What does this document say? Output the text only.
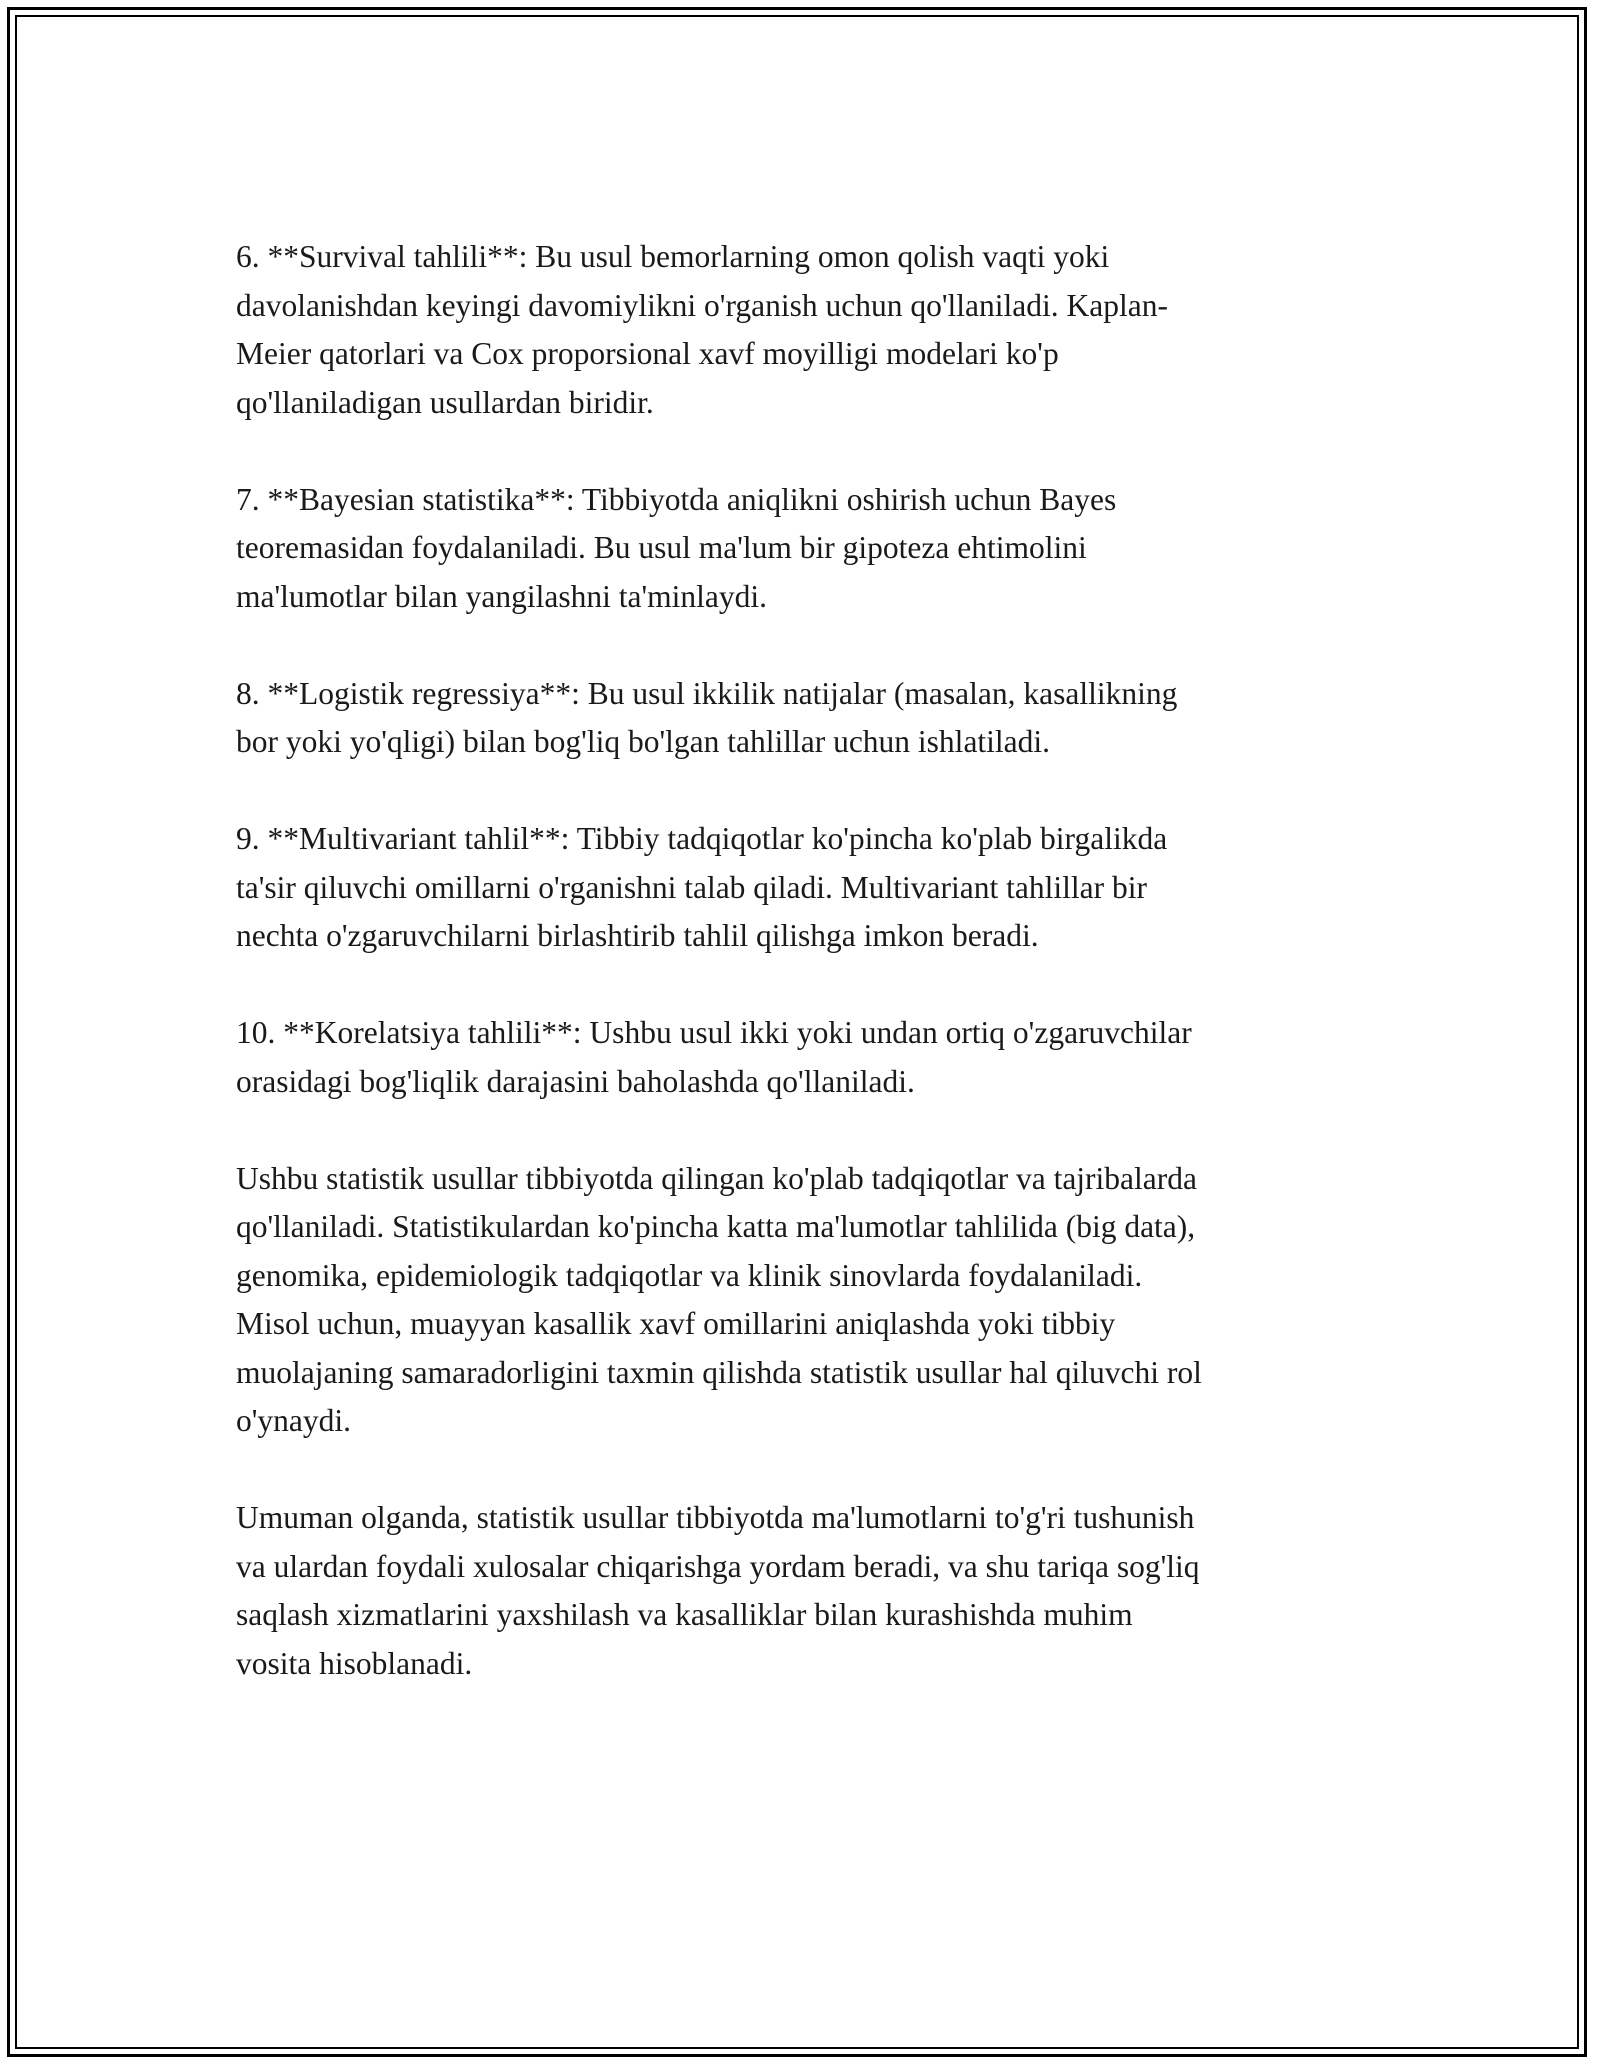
6. **Survival tahlili**: Bu usul bemorlarning omon qolish vaqti yoki
davolanishdan keyingi davomiylikni o'rganish uchun qo'llaniladi. Kaplan-
Meier qatorlari va Cox proporsional xavf moyilligi modelari ko'p
qo'llaniladigan usullardan biridir.

7. **Bayesian statistika**: Tibbiyotda aniqlikni oshirish uchun Bayes
teoremasidan foydalaniladi. Bu usul ma'lum bir gipoteza ehtimolini
ma'lumotlar bilan yangilashni ta'minlaydi.

8. **Logistik regressiya**: Bu usul ikkilik natijalar (masalan, kasallikning
bor yoki yo'qligi) bilan bog'liq bo'lgan tahlillar uchun ishlatiladi.

9. **Multivariant tahlil**: Tibbiy tadqiqotlar ko'pincha ko'plab birgalikda
ta'sir qiluvchi omillarni o'rganishni talab qiladi. Multivariant tahlillar bir
nechta o'zgaruvchilarni birlashtirib tahlil qilishga imkon beradi.

10. **Korelatsiya tahlili**: Ushbu usul ikki yoki undan ortiq o'zgaruvchilar
orasidagi bog'liqlik darajasini baholashda qo'llaniladi.

Ushbu statistik usullar tibbiyotda qilingan ko'plab tadqiqotlar va tajribalarda
qo'llaniladi. Statistikulardan ko'pincha katta ma'lumotlar tahlilida (big data),
genomika, epidemiologik tadqiqotlar va klinik sinovlarda foydalaniladi.
Misol uchun, muayyan kasallik xavf omillarini aniqlashda yoki tibbiy
muolajaning samaradorligini taxmin qilishda statistik usullar hal qiluvchi rol
o'ynaydi.

Umuman olganda, statistik usullar tibbiyotda ma'lumotlarni to'g'ri tushunish
va ulardan foydali xulosalar chiqarishga yordam beradi, va shu tariqa sog'liq
saqlash xizmatlarini yaxshilash va kasalliklar bilan kurashishda muhim
vosita hisoblanadi.
